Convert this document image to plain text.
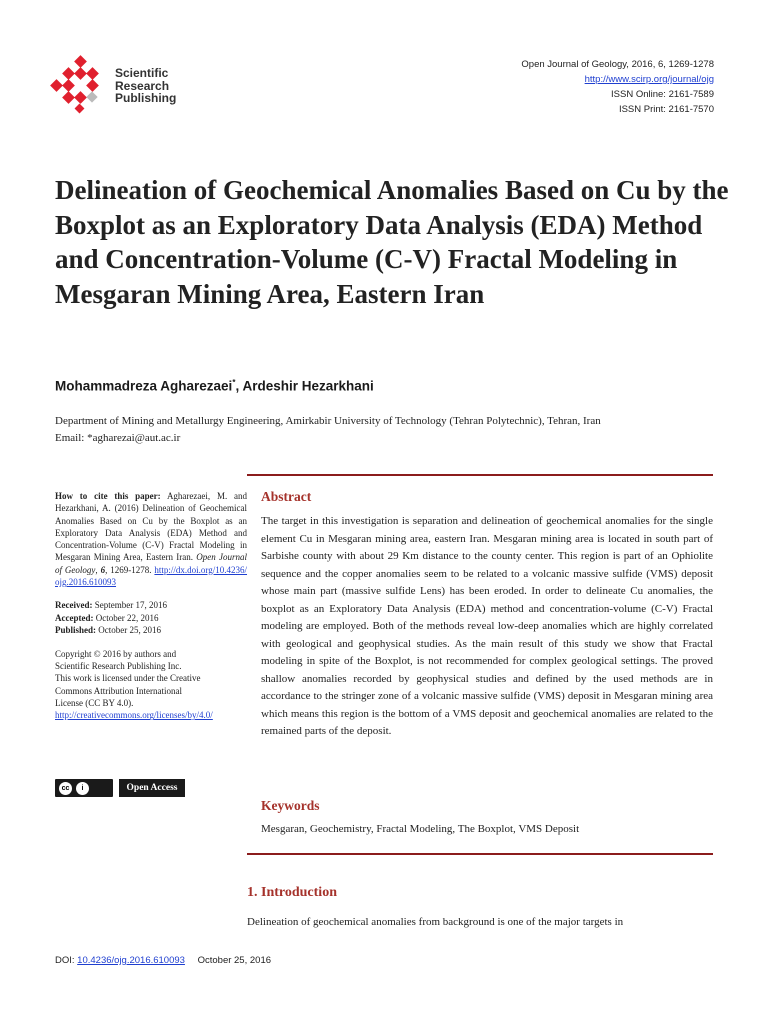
Scientific
Research
Publishing
Open Journal of Geology, 2016, 6, 1269-1278
http://www.scirp.org/journal/ojg
ISSN Online: 2161-7589
ISSN Print: 2161-7570
Delineation of Geochemical Anomalies Based on Cu by the Boxplot as an Exploratory Data Analysis (EDA) Method and Concentration-Volume (C-V) Fractal Modeling in Mesgaran Mining Area, Eastern Iran
Mohammadreza Agharezaei*, Ardeshir Hezarkhani
Department of Mining and Metallurgy Engineering, Amirkabir University of Technology (Tehran Polytechnic), Tehran, Iran
Email: *agharezai@aut.ac.ir
How to cite this paper: Agharezaei, M. and Hezarkhani, A. (2016) Delineation of Geochemical Anomalies Based on Cu by the Boxplot as an Exploratory Data Analysis (EDA) Method and Concentration-Volume (C-V) Fractal Modeling in Mesgaran Mining Area, Eastern Iran. Open Journal of Geology, 6, 1269-1278. http://dx.doi.org/10.4236/ojg.2016.610093
Received: September 17, 2016
Accepted: October 22, 2016
Published: October 25, 2016
Copyright © 2016 by authors and
Scientific Research Publishing Inc.
This work is licensed under the Creative
Commons Attribution International
License (CC BY 4.0).
http://creativecommons.org/licenses/by/4.0/
cc	i	Open Access
Abstract
The target in this investigation is separation and delineation of geochemical anomalies for the single element Cu in Mesgaran mining area, eastern Iran. Mesgaran mining area is located in south part of Sarbishe county with about 29 Km distance to the county center. This region is part of an Ophiolite sequence and the copper anomalies seem to be related to a volcanic massive sulfide (VMS) deposit whose main part (massive sulfide Lens) has been eroded. In order to delineate Cu anomalies, the boxplot as an Exploratory Data Analysis (EDA) method and concentration-volume (C-V) Fractal modeling are employed. Both of the methods reveal low-deep anomalies which are highly correlated with geological and geophysical studies. As the main result of this study we show that Fractal modeling in spite of the Boxplot, is not recommended for complex geological settings. The proved shallow anomalies recorded by geophysical studies and defined by the used methods are in accordance to the stringer zone of a volcanic massive sulfide (VMS) deposit in Mesgaran mining area which means this region is the bottom of a VMS deposit and geochemical anomalies are related to the remained parts of the deposit.
Keywords
Mesgaran, Geochemistry, Fractal Modeling, The Boxplot, VMS Deposit
1. Introduction
Delineation of geochemical anomalies from background is one of the major targets in
DOI: 10.4236/ojg.2016.610093 October 25, 2016
